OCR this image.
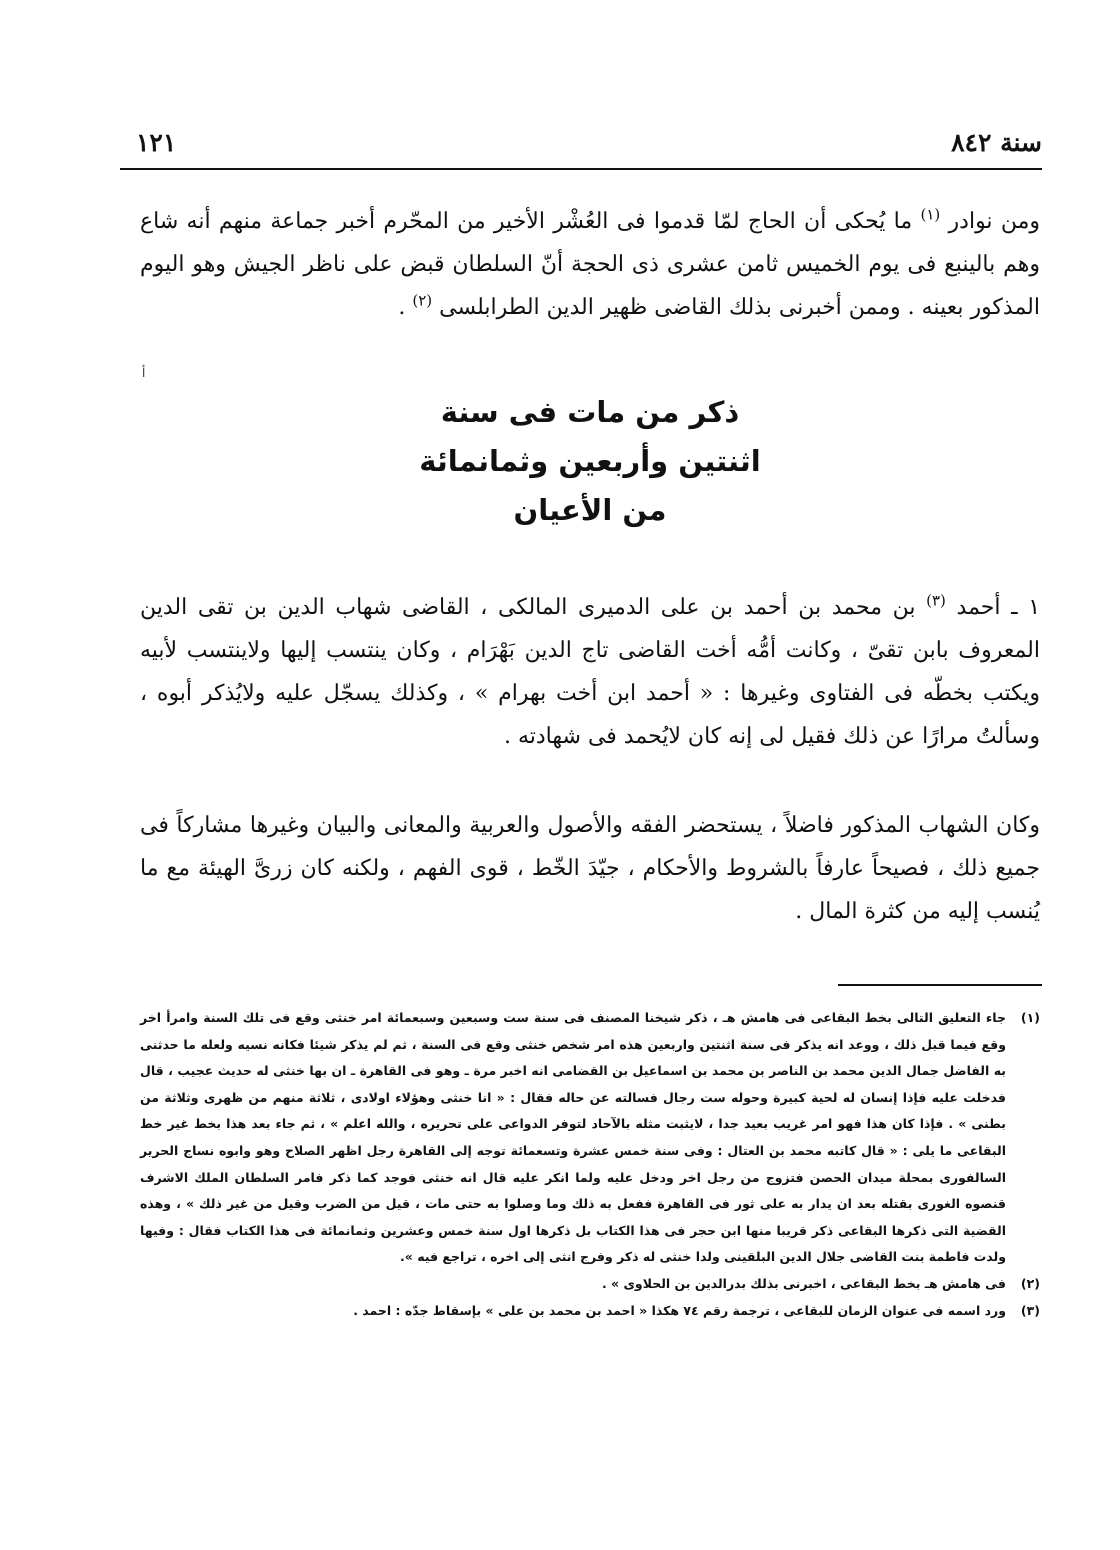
سنة ٨٤٢
١٢١

ومن نوادر $^{(١)}$ ما يُحكى أن الحاج لمّا قدموا فى العُشْر الأخير من المحّرم أخبر جماعة منهم أنه شاع وهم بالينبع فى يوم الخميس ثامن عشرى ذى الحجة أنّ السلطان قبض على ناظر الجيش وهو اليوم المذكور بعينه . وممن أخبرنى بذلك القاضى ظهير الدين الطرابلسى $^{(٢)}$ .

أ
ذكر من مات فى سنة
اثنتين وأربعين وثمانمائة
من الأعيان

١ ـ أحمد $^{(٣)}$ بن محمد بن أحمد بن على الدميرى المالكى ، القاضى شهاب الدين بن تقى الدين المعروف بابن تقىّ ، وكانت أمُّه أخت القاضى تاج الدين بَهْرَام ، وكان ينتسب إليها ولاينتسب لأبيه ويكتب بخطّه فى الفتاوى وغيرها : « أحمد ابن أخت بهرام » ، وكذلك يسجّل عليه ولايُذكر أبوه ، وسألتُ مرارًا عن ذلك فقيل لى إنه كان لايُحمد فى شهادته .

وكان الشهاب المذكور فاضلاً ، يستحضر الفقه والأصول والعربية والمعانى والبيان وغيرها مشاركاً فى جميع ذلك ، فصيحاً عارفاً بالشروط والأحكام ، جيّدَ الخّط ، قوى الفهم ، ولكنه كان زرىَّ الهيئة مع ما يُنسب إليه من كثرة المال .

(١)
جاء التعليق التالى بخط البقاعى فى هامش هـ ، ذكر شيخنا المصنف فى سنة ست وسبعين وسبعمائة امر خنثى وقع فى تلك السنة وامرأ اخر وقع فيما قبل ذلك ، ووعد انه يذكر فى سنة اثنتين واربعين هذه امر شخص خنثى وقع فى السنة ، ثم لم يذكر شيئا فكانه نسيه ولعله ما حدثنى به الفاضل جمال الدين محمد بن الناصر بن محمد بن اسماعيل بن القضامى انه اخبر مرة ـ وهو فى القاهرة ـ ان بها خنثى له حديث عجيب ، قال فدخلت عليه فإذا إنسان له لحية كبيرة وحوله ست رجال فسالته عن حاله فقال : « انا خنثى وهؤلاء اولادى ، ثلاثة منهم من ظهرى وثلاثة من بطنى » . فإذا كان هذا فهو امر غريب بعيد جدا ، لايثبت مثله بالآحاد لتوفر الدواعى على تحريره ، والله اعلم » ، ثم جاء بعد هذا بخط غير خط البقاعى ما يلى : « قال كاتبه محمد بن العتال : وفى سنة خمس عشرة وتسعمائة توجه إلى القاهرة رجل اظهر الصلاح وهو وابوه نساج الحرير السالفورى بمحلة ميدان الحصن فتزوج من رجل اخر ودخل عليه ولما انكر عليه قال انه خنثى فوجد كما ذكر فامر السلطان الملك الاشرف قنصوه الغورى بقتله بعد ان يدار به على ثور فى القاهرة ففعل به ذلك وما وصلوا به حتى مات ، قيل من الضرب وقيل من غير ذلك » ، وهذه القضية التى ذكرها البقاعى ذكر قريبا منها ابن حجر فى هذا الكتاب بل ذكرها اول سنة خمس وعشرين وثمانمائة فى هذا الكتاب فقال : وفيها ولدت فاطمة بنت القاضى جلال الدين البلقينى ولدا خنثى له ذكر وفرج انثى إلى اخره ، تراجع فيه ».

(٢)
فى هامش هـ بخط البقاعى ، اخبرنى بذلك بدرالدين بن الحلاوى » .

(٣)
ورد اسمه فى عنوان الزمان للبقاعى ، ترجمة رقم ٧٤ هكذا « احمد بن محمد بن على » بإسقاط جدّه : احمد .
